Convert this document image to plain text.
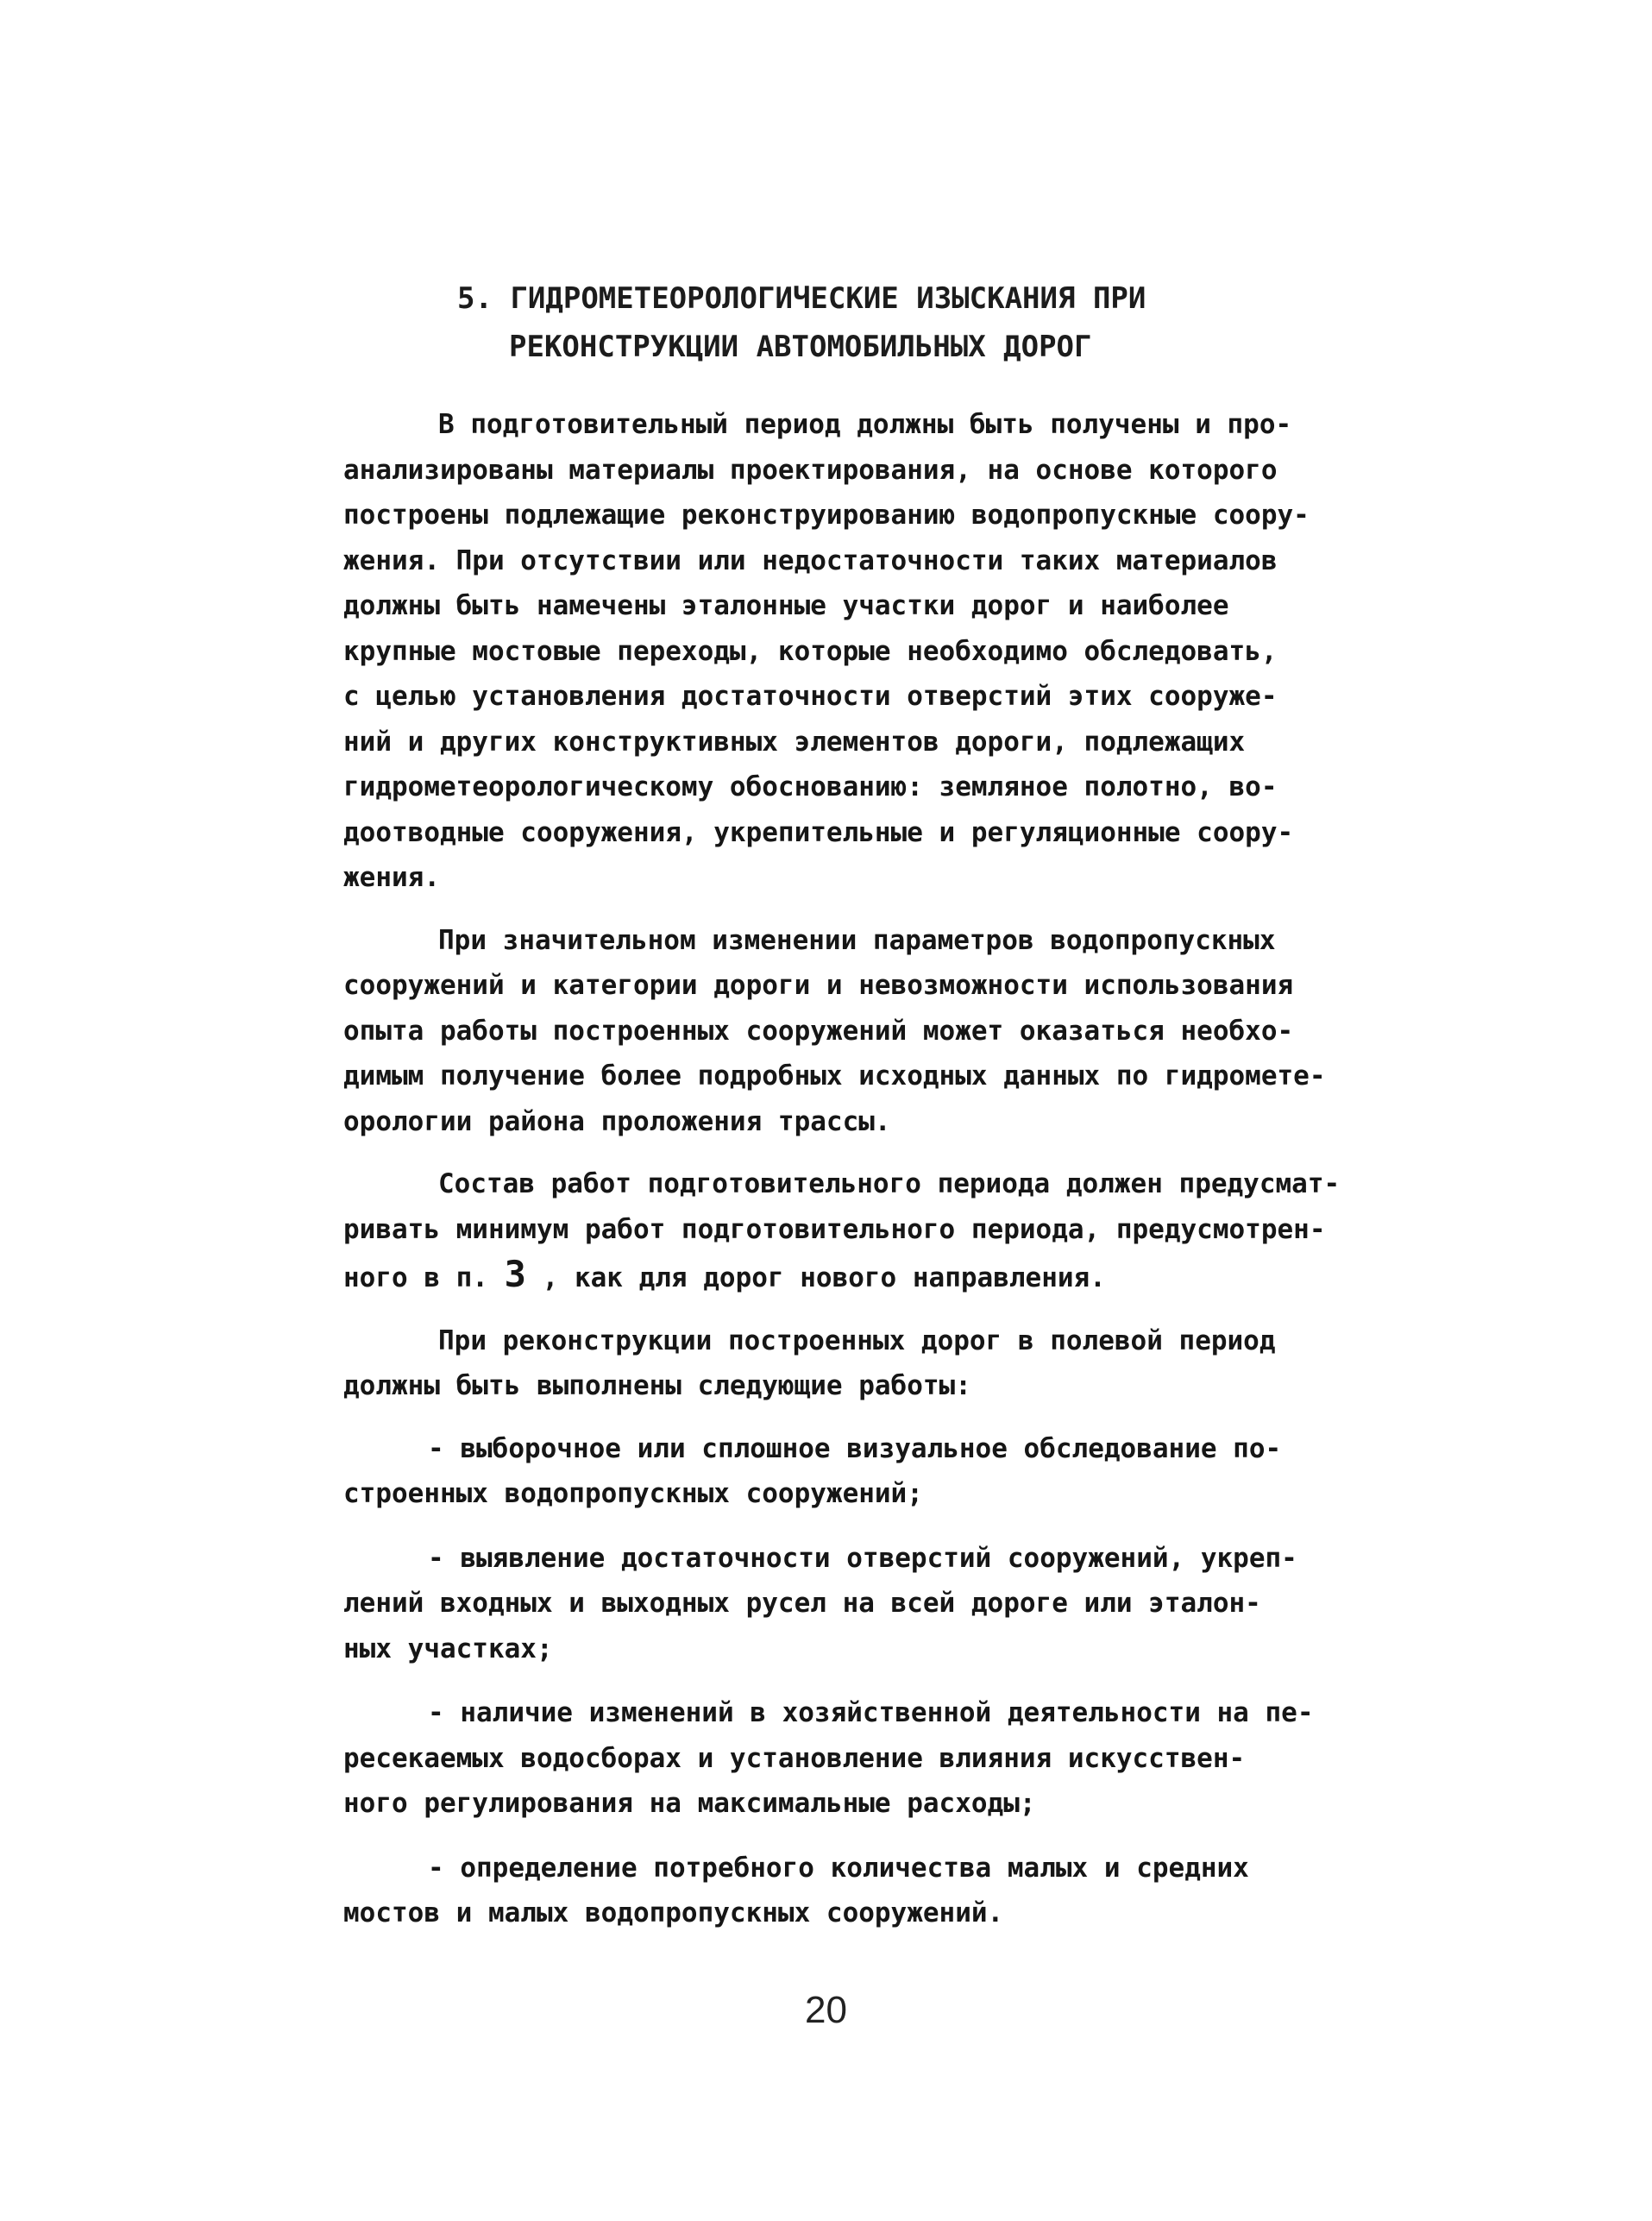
5. ГИДРОМЕТЕОРОЛОГИЧЕСКИЕ ИЗЫСКАНИЯ ПРИ
РЕКОНСТРУКЦИИ АВТОМОБИЛЬНЫХ ДОРОГ

В подготовительный период должны быть получены и про-
анализированы материалы проектирования, на основе которого
построены подлежащие реконструированию водопропускные соору-
жения. При отсутствии или недостаточности таких материалов
должны быть намечены эталонные участки дорог и наиболее
крупные мостовые переходы, которые необходимо обследовать,
с целью установления достаточности отверстий этих сооруже-
ний и других конструктивных элементов дороги, подлежащих
гидрометеорологическому обоснованию: земляное полотно, во-
доотводные сооружения, укрепительные и регуляционные соору-
жения.

При значительном изменении параметров водопропускных
сооружений и категории дороги и невозможности использования
опыта работы построенных сооружений может оказаться необхо-
димым получение более подробных исходных данных по гидромете-
орологии района проложения трассы.

Состав работ подготовительного периода должен предусмат-
ривать минимум работ подготовительного периода, предусмотрен-
ного в п. 3 , как для дорог нового направления.

При реконструкции построенных дорог в полевой период
должны быть выполнены следующие работы:

- выборочное или сплошное визуальное обследование по-
строенных водопропускных сооружений;

- выявление достаточности отверстий сооружений, укреп-
лений входных и выходных русел на всей дороге или эталон-
ных участках;

- наличие изменений в хозяйственной деятельности на пе-
ресекаемых водосборах и установление влияния искусствен-
ного регулирования на максимальные расходы;

- определение потребного количества малых и средних
мостов и малых водопропускных сооружений.

20
